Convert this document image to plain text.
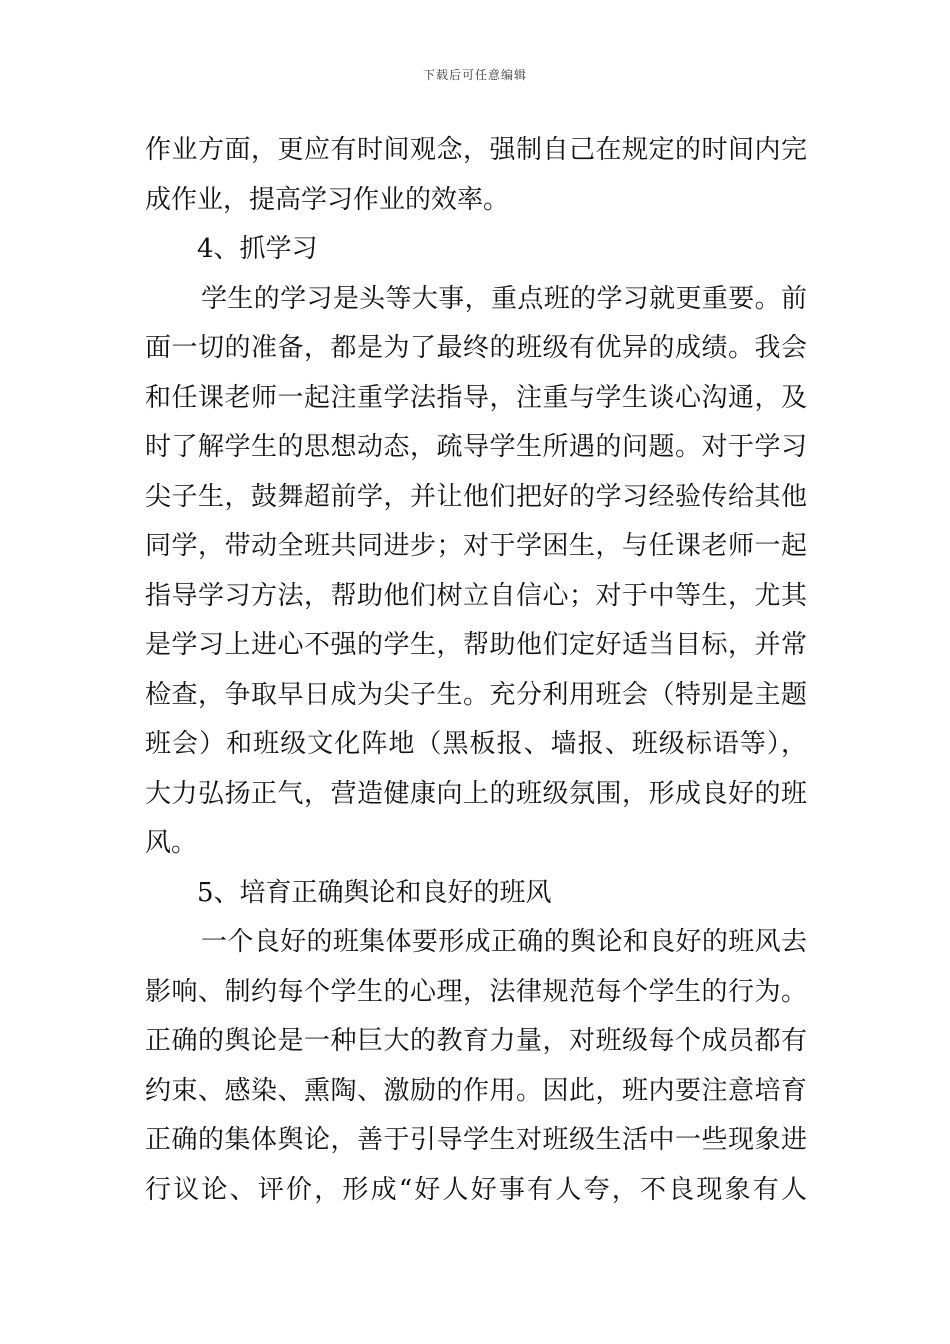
下载后可任意编辑
作业方面，更应有时间观念，强制自己在规定的时间内完
成作业，提高学习作业的效率。
4、抓学习
学生的学习是头等大事，重点班的学习就更重要。前
面一切的准备，都是为了最终的班级有优异的成绩。我会
和任课老师一起注重学法指导，注重与学生谈心沟通，及
时了解学生的思想动态，疏导学生所遇的问题。对于学习
尖子生，鼓舞超前学，并让他们把好的学习经验传给其他
同学，带动全班共同进步；对于学困生，与任课老师一起
指导学习方法，帮助他们树立自信心；对于中等生，尤其
是学习上进心不强的学生，帮助他们定好适当目标，并常
检查，争取早日成为尖子生。充分利用班会（特别是主题
班会）和班级文化阵地（黑板报、墙报、班级标语等），
大力弘扬正气，营造健康向上的班级氛围，形成良好的班
风。
5、培育正确舆论和良好的班风
一个良好的班集体要形成正确的舆论和良好的班风去
影响、制约每个学生的心理，法律规范每个学生的行为。
正确的舆论是一种巨大的教育力量，对班级每个成员都有
约束、感染、熏陶、激励的作用。因此，班内要注意培育
正确的集体舆论，善于引导学生对班级生活中一些现象进
行议论、评价，形成“好人好事有人夸，不良现象有人
